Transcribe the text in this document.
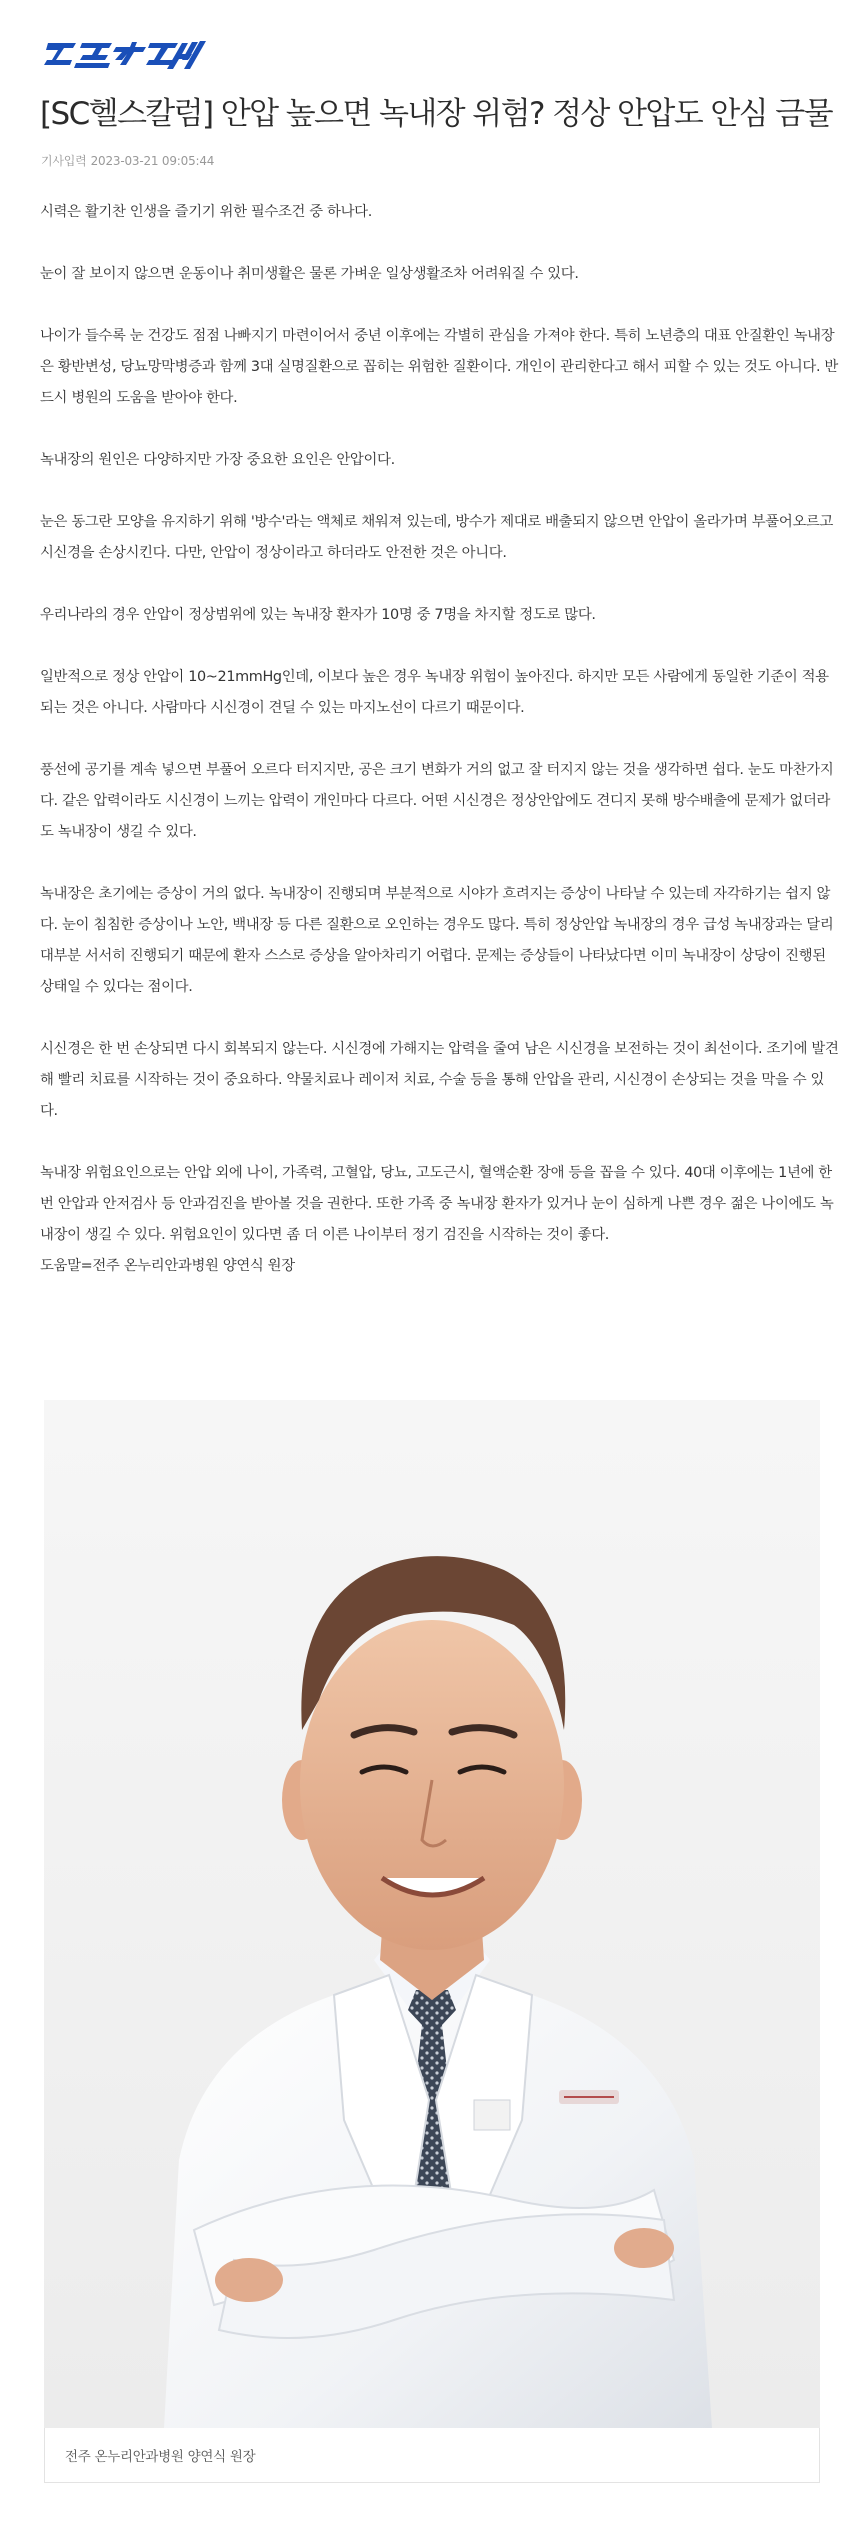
[SC헬스칼럼] 안압 높으면 녹내장 위험? 정상 안압도 안심 금물
기사입력 2023-03-21 09:05:44

시력은 활기찬 인생을 즐기기 위한 필수조건 중 하나다.

눈이 잘 보이지 않으면 운동이나 취미생활은 물론 가벼운 일상생활조차 어려워질 수 있다.

나이가 들수록 눈 건강도 점점 나빠지기 마련이어서 중년 이후에는 각별히 관심을 가져야 한다. 특히 노년층의 대표 안질환인 녹내장은 황반변성, 당뇨망막병증과 함께 3대 실명질환으로 꼽히는 위험한 질환이다. 개인이 관리한다고 해서 피할 수 있는 것도 아니다. 반드시 병원의 도움을 받아야 한다.

녹내장의 원인은 다양하지만 가장 중요한 요인은 안압이다.

눈은 동그란 모양을 유지하기 위해 '방수'라는 액체로 채워져 있는데, 방수가 제대로 배출되지 않으면 안압이 올라가며 부풀어오르고 시신경을 손상시킨다. 다만, 안압이 정상이라고 하더라도 안전한 것은 아니다.

우리나라의 경우 안압이 정상범위에 있는 녹내장 환자가 10명 중 7명을 차지할 정도로 많다.

일반적으로 정상 안압이 10~21mmHg인데, 이보다 높은 경우 녹내장 위험이 높아진다. 하지만 모든 사람에게 동일한 기준이 적용되는 것은 아니다. 사람마다 시신경이 견딜 수 있는 마지노선이 다르기 때문이다.

풍선에 공기를 계속 넣으면 부풀어 오르다 터지지만, 공은 크기 변화가 거의 없고 잘 터지지 않는 것을 생각하면 쉽다. 눈도 마찬가지다. 같은 압력이라도 시신경이 느끼는 압력이 개인마다 다르다. 어떤 시신경은 정상안압에도 견디지 못해 방수배출에 문제가 없더라도 녹내장이 생길 수 있다.

녹내장은 초기에는 증상이 거의 없다. 녹내장이 진행되며 부분적으로 시야가 흐려지는 증상이 나타날 수 있는데 자각하기는 쉽지 않다. 눈이 침침한 증상이나 노안, 백내장 등 다른 질환으로 오인하는 경우도 많다. 특히 정상안압 녹내장의 경우 급성 녹내장과는 달리 대부분 서서히 진행되기 때문에 환자 스스로 증상을 알아차리기 어렵다. 문제는 증상들이 나타났다면 이미 녹내장이 상당이 진행된 상태일 수 있다는 점이다.

시신경은 한 번 손상되면 다시 회복되지 않는다. 시신경에 가해지는 압력을 줄여 남은 시신경을 보전하는 것이 최선이다. 조기에 발견해 빨리 치료를 시작하는 것이 중요하다. 약물치료나 레이저 치료, 수술 등을 통해 안압을 관리, 시신경이 손상되는 것을 막을 수 있다.

녹내장 위험요인으로는 안압 외에 나이, 가족력, 고혈압, 당뇨, 고도근시, 혈액순환 장애 등을 꼽을 수 있다. 40대 이후에는 1년에 한 번 안압과 안저검사 등 안과검진을 받아볼 것을 권한다. 또한 가족 중 녹내장 환자가 있거나 눈이 심하게 나쁜 경우 젊은 나이에도 녹내장이 생길 수 있다. 위험요인이 있다면 좀 더 이른 나이부터 정기 검진을 시작하는 것이 좋다.

도움말=전주 온누리안과병원 양연식 원장

전주 온누리안과병원 양연식 원장
